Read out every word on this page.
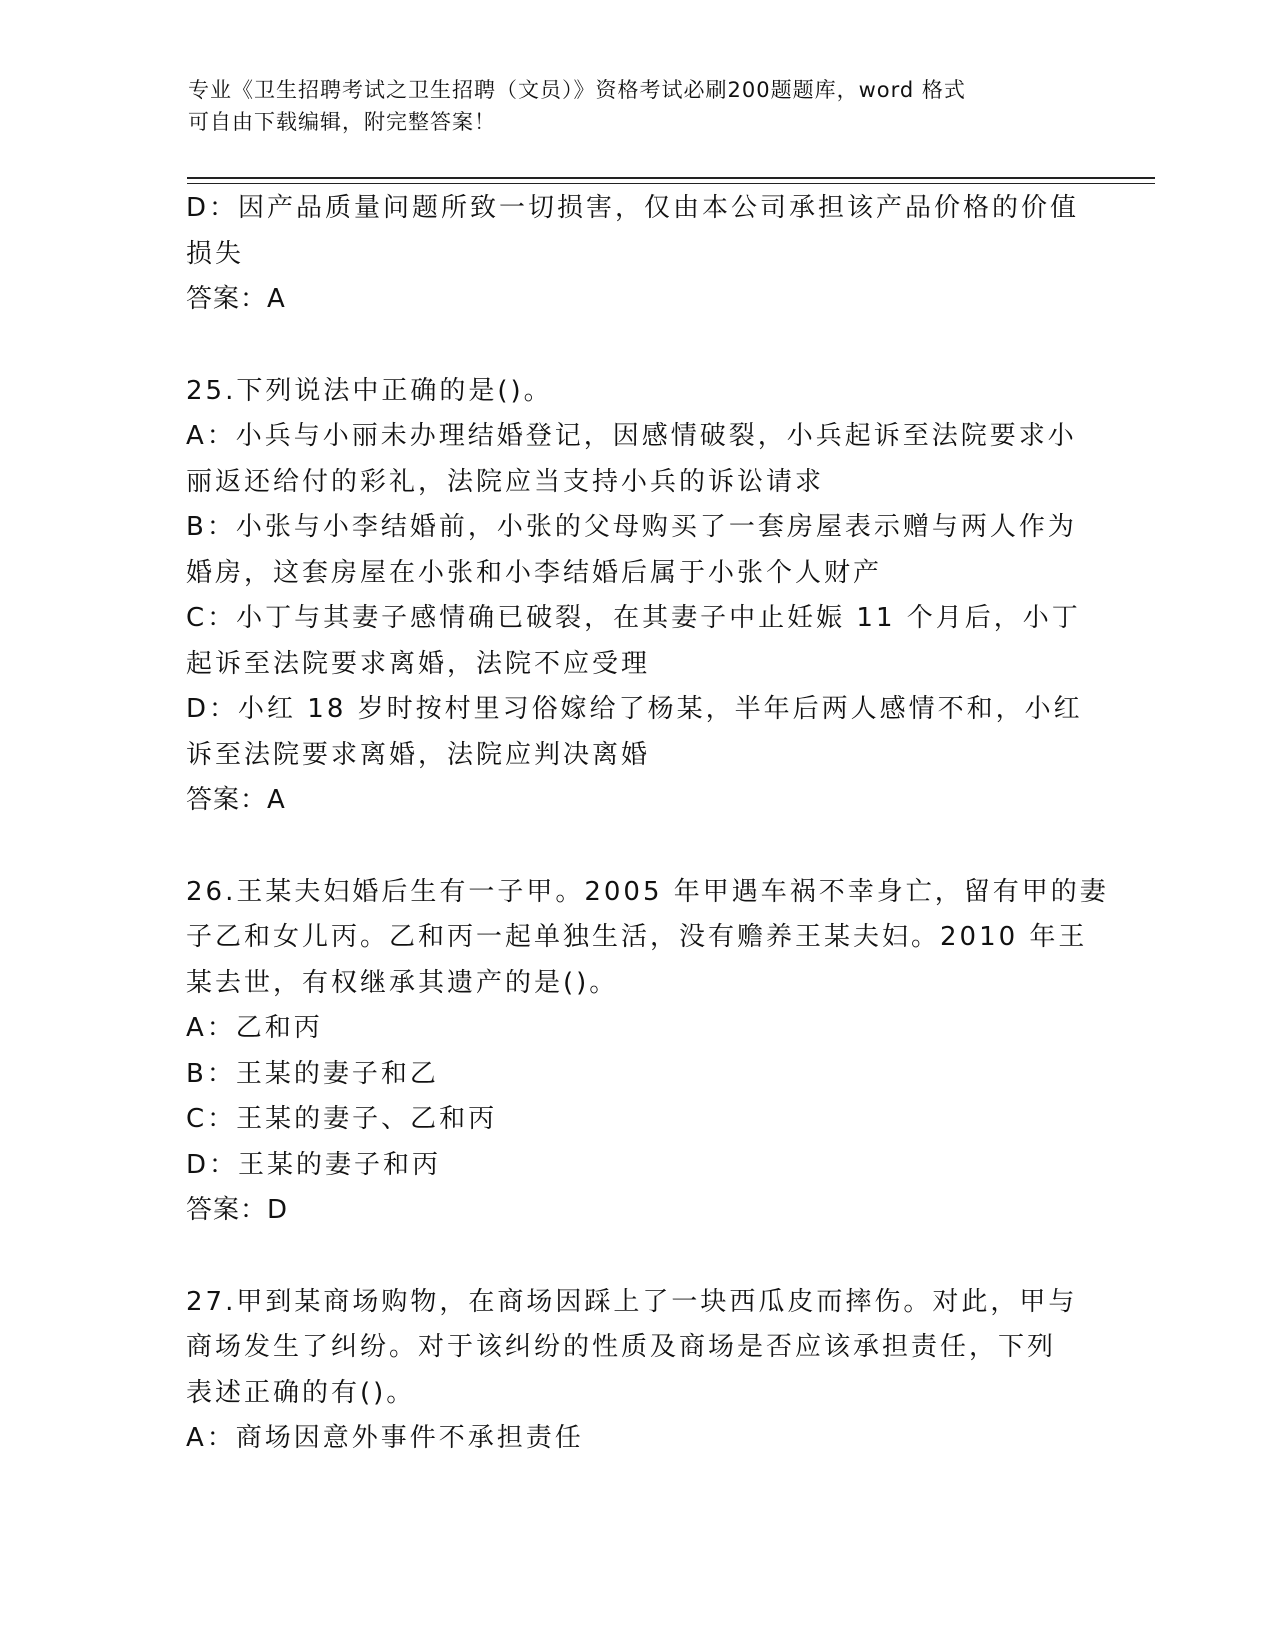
专业《卫生招聘考试之卫生招聘（文员）》资格考试必刷200题题库，word 格式
可自由下载编辑，附完整答案！
D：因产品质量问题所致一切损害，仅由本公司承担该产品价格的价值
损失
答案：A
25.下列说法中正确的是()。
A：小兵与小丽未办理结婚登记，因感情破裂，小兵起诉至法院要求小
丽返还给付的彩礼，法院应当支持小兵的诉讼请求
B：小张与小李结婚前，小张的父母购买了一套房屋表示赠与两人作为
婚房，这套房屋在小张和小李结婚后属于小张个人财产
C：小丁与其妻子感情确已破裂，在其妻子中止妊娠 11 个月后，小丁
起诉至法院要求离婚，法院不应受理
D：小红 18 岁时按村里习俗嫁给了杨某，半年后两人感情不和，小红
诉至法院要求离婚，法院应判决离婚
答案：A
26.王某夫妇婚后生有一子甲。2005 年甲遇车祸不幸身亡，留有甲的妻
子乙和女儿丙。乙和丙一起单独生活，没有赡养王某夫妇。2010 年王
某去世，有权继承其遗产的是()。
A：乙和丙
B：王某的妻子和乙
C：王某的妻子、乙和丙
D：王某的妻子和丙
答案：D
27.甲到某商场购物，在商场因踩上了一块西瓜皮而摔伤。对此，甲与
商场发生了纠纷。对于该纠纷的性质及商场是否应该承担责任，下列
表述正确的有()。
A：商场因意外事件不承担责任
